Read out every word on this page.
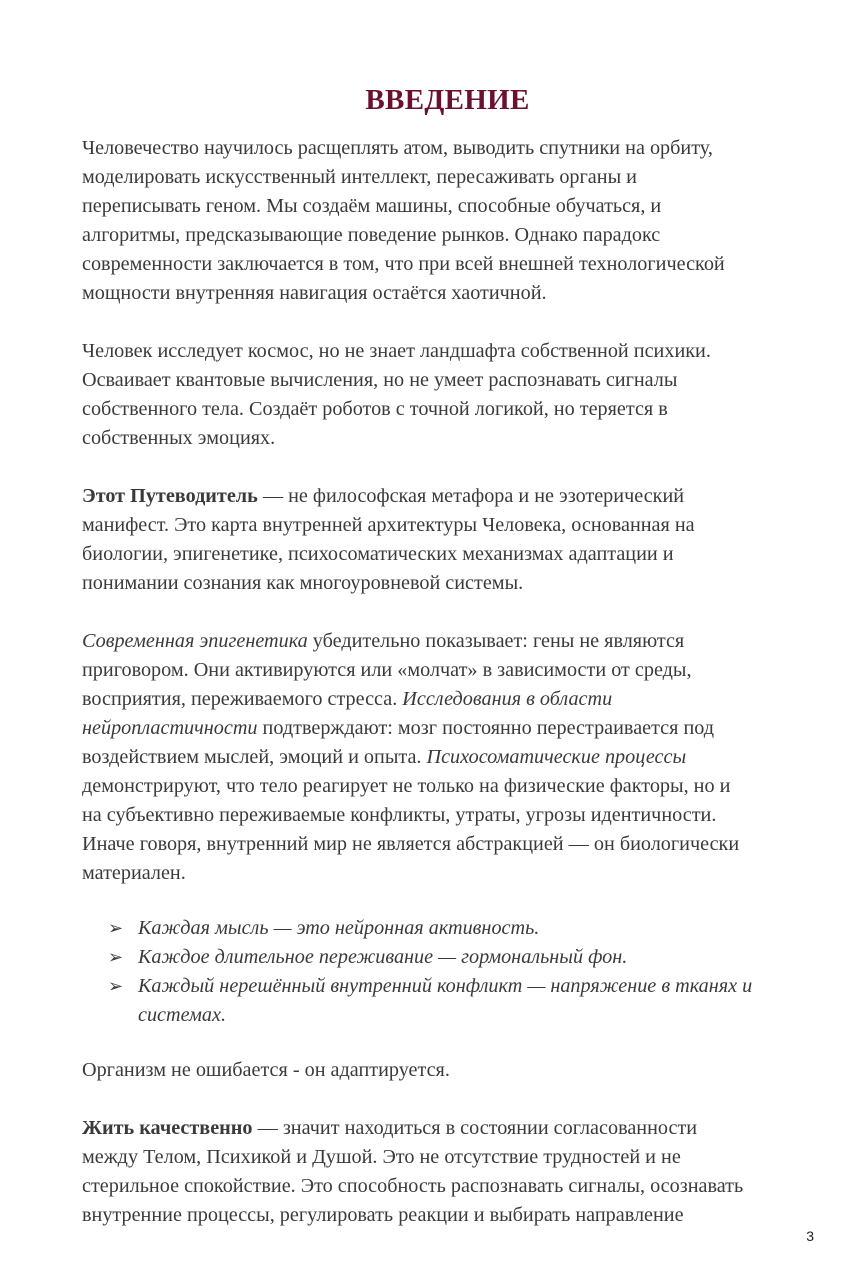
ВВЕДЕНИЕ

Человечество научилось расщеплять атом, выводить спутники на орбиту,
моделировать искусственный интеллект, пересаживать органы и
переписывать геном. Мы создаём машины, способные обучаться, и
алгоритмы, предсказывающие поведение рынков. Однако парадокс
современности заключается в том, что при всей внешней технологической
мощности внутренняя навигация остаётся хаотичной.

Человек исследует космос, но не знает ландшафта собственной психики.
Осваивает квантовые вычисления, но не умеет распознавать сигналы
собственного тела. Создаёт роботов с точной логикой, но теряется в
собственных эмоциях.

Этот Путеводитель — не философская метафора и не эзотерический
манифест. Это карта внутренней архитектуры Человека, основанная на
биологии, эпигенетике, психосоматических механизмах адаптации и
понимании сознания как многоуровневой системы.

Современная эпигенетика убедительно показывает: гены не являются
приговором. Они активируются или «молчат» в зависимости от среды,
восприятия, переживаемого стресса. Исследования в области
нейропластичности подтверждают: мозг постоянно перестраивается под
воздействием мыслей, эмоций и опыта. Психосоматические процессы
демонстрируют, что тело реагирует не только на физические факторы, но и
на субъективно переживаемые конфликты, утраты, угрозы идентичности.
Иначе говоря, внутренний мир не является абстракцией — он биологически
материален.

➢ Каждая мысль — это нейронная активность.
➢ Каждое длительное переживание — гормональный фон.
➢ Каждый нерешённый внутренний конфликт — напряжение в тканях и
системах.

Организм не ошибается - он адаптируется.

Жить качественно — значит находиться в состоянии согласованности
между Телом, Психикой и Душой. Это не отсутствие трудностей и не
стерильное спокойствие. Это способность распознавать сигналы, осознавать
внутренние процессы, регулировать реакции и выбирать направление

3
